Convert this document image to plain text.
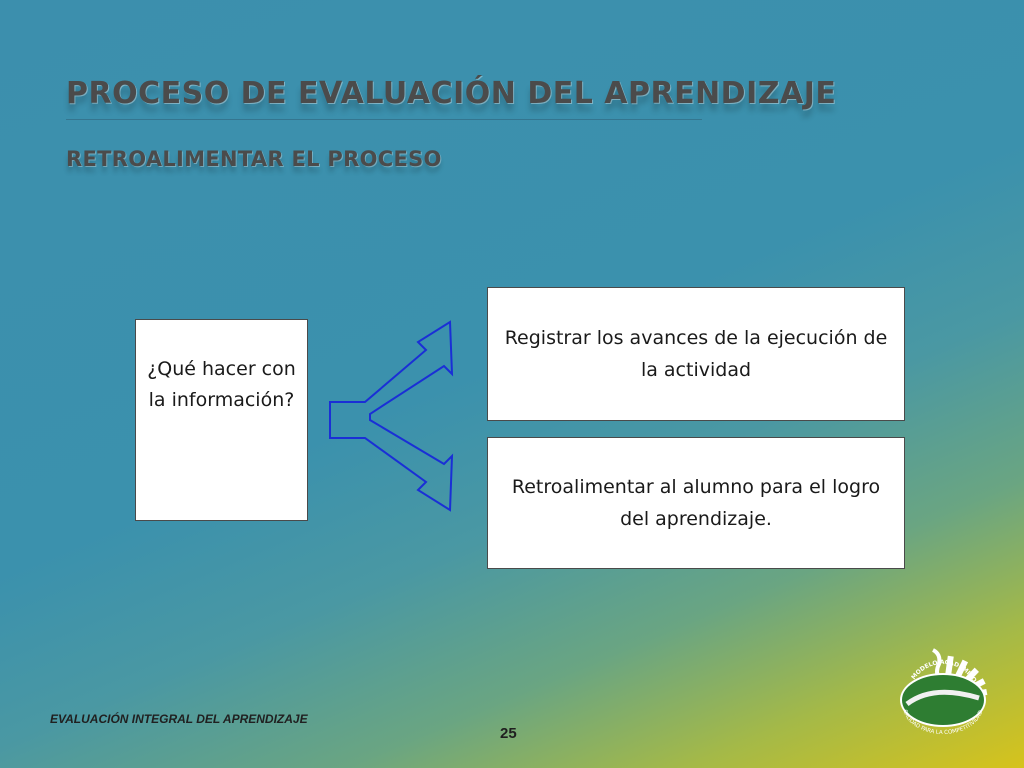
PROCESO DE EVALUACIÓN DEL APRENDIZAJE
RETROALIMENTAR EL PROCESO
¿Qué hacer con la información?
Registrar los avances de la ejecución de la actividad
Retroalimentar al alumno para el logro del aprendizaje.
EVALUACIÓN INTEGRAL DEL APRENDIZAJE
25
MODELO ACADÉMICO
CALIDAD PARA LA COMPETITIVIDAD
